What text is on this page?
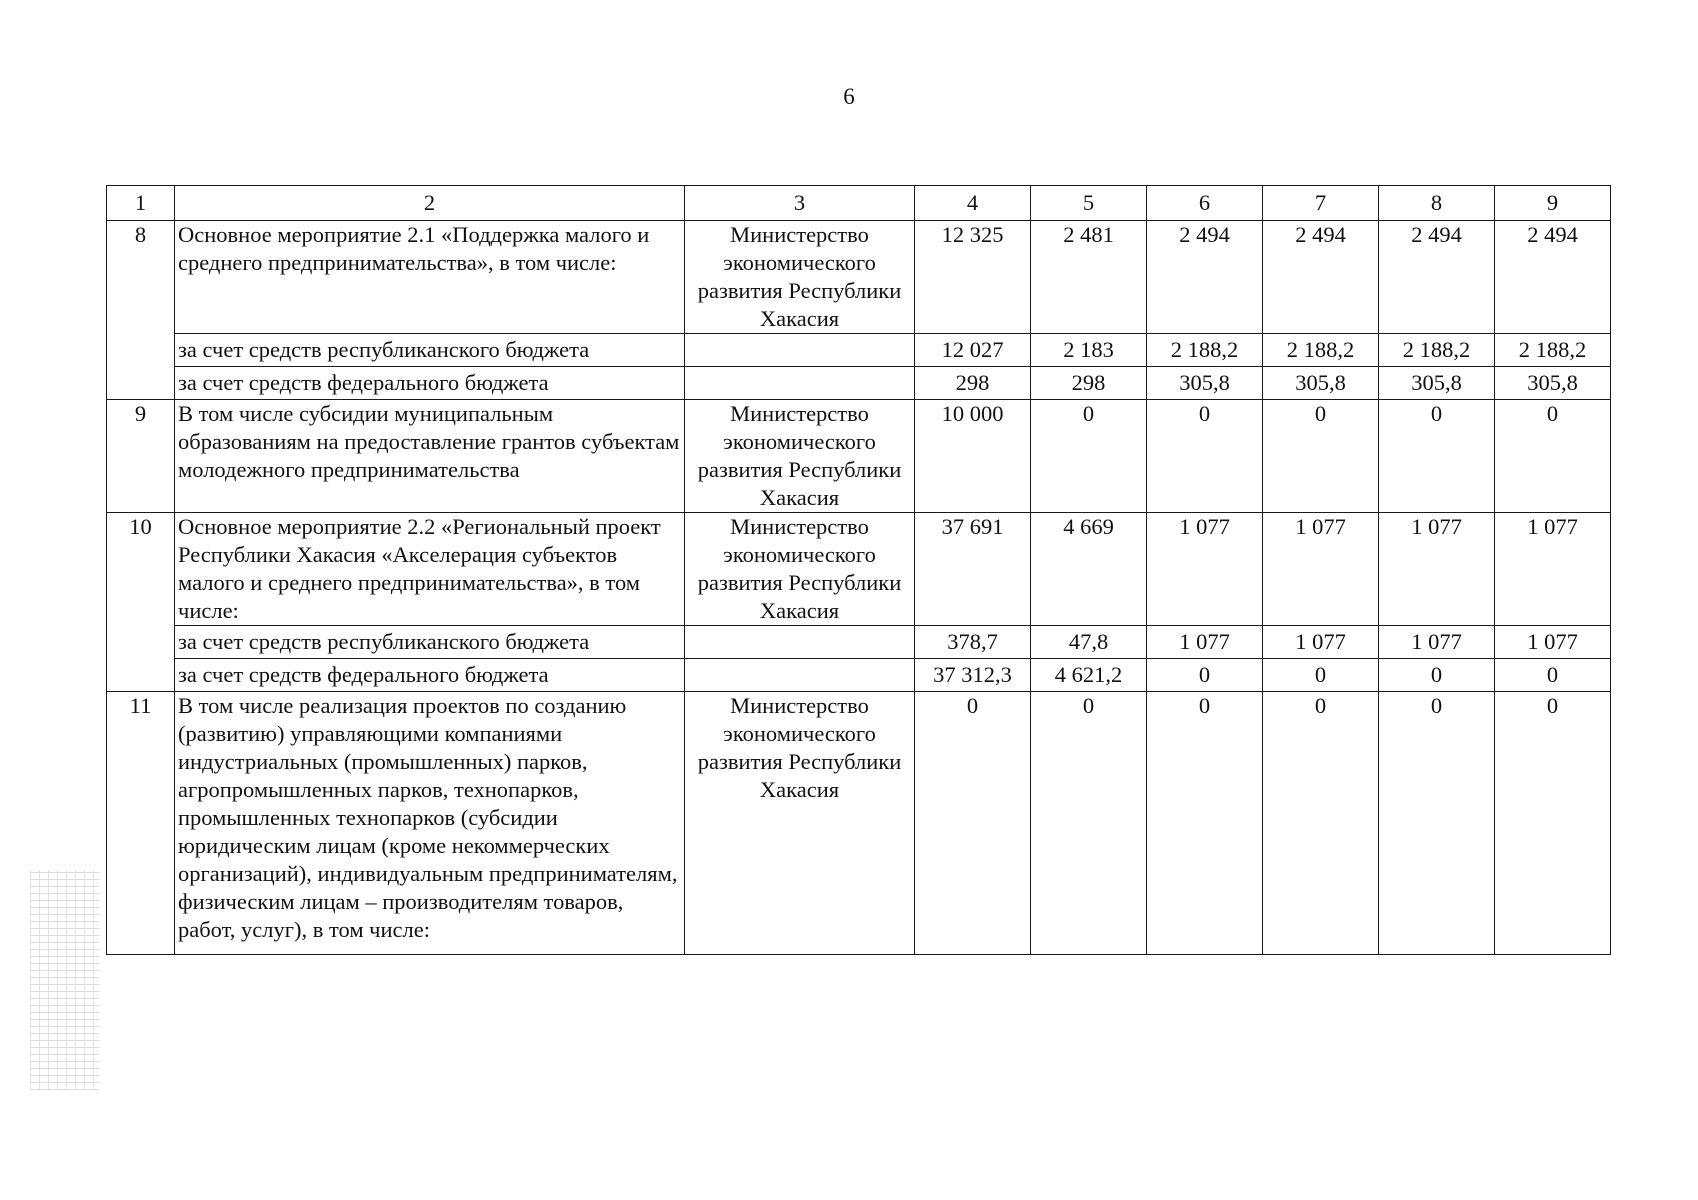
6
1	2	3	4	5	6	7	8	9
8	Основное мероприятие 2.1 «Поддержка малого и среднего предпринимательства», в том числе:	Министерство экономического развития Республики Хакасия	12 325	2 481	2 494	2 494	2 494	2 494
	за счет средств республиканского бюджета		12 027	2 183	2 188,2	2 188,2	2 188,2	2 188,2
	за счет средств федерального бюджета		298	298	305,8	305,8	305,8	305,8
9	В том числе субсидии муниципальным образованиям на предоставление грантов субъектам молодежного предпринимательства	Министерство экономического развития Республики Хакасия	10 000	0	0	0	0	0
10	Основное мероприятие 2.2 «Региональный проект Республики Хакасия «Акселерация субъектов малого и среднего предпринимательства», в том числе:	Министерство экономического развития Республики Хакасия	37 691	4 669	1 077	1 077	1 077	1 077
	за счет средств республиканского бюджета		378,7	47,8	1 077	1 077	1 077	1 077
	за счет средств федерального бюджета		37 312,3	4 621,2	0	0	0	0
11	В том числе реализация проектов по созданию (развитию) управляющими компаниями индустриальных (промышленных) парков, агропромышленных парков, технопарков, промышленных технопарков (субсидии юридическим лицам (кроме некоммерческих организаций), индивидуальным предпринимателям, физическим лицам – производителям товаров, работ, услуг), в том числе:	Министерство экономического развития Республики Хакасия	0	0	0	0	0	0
